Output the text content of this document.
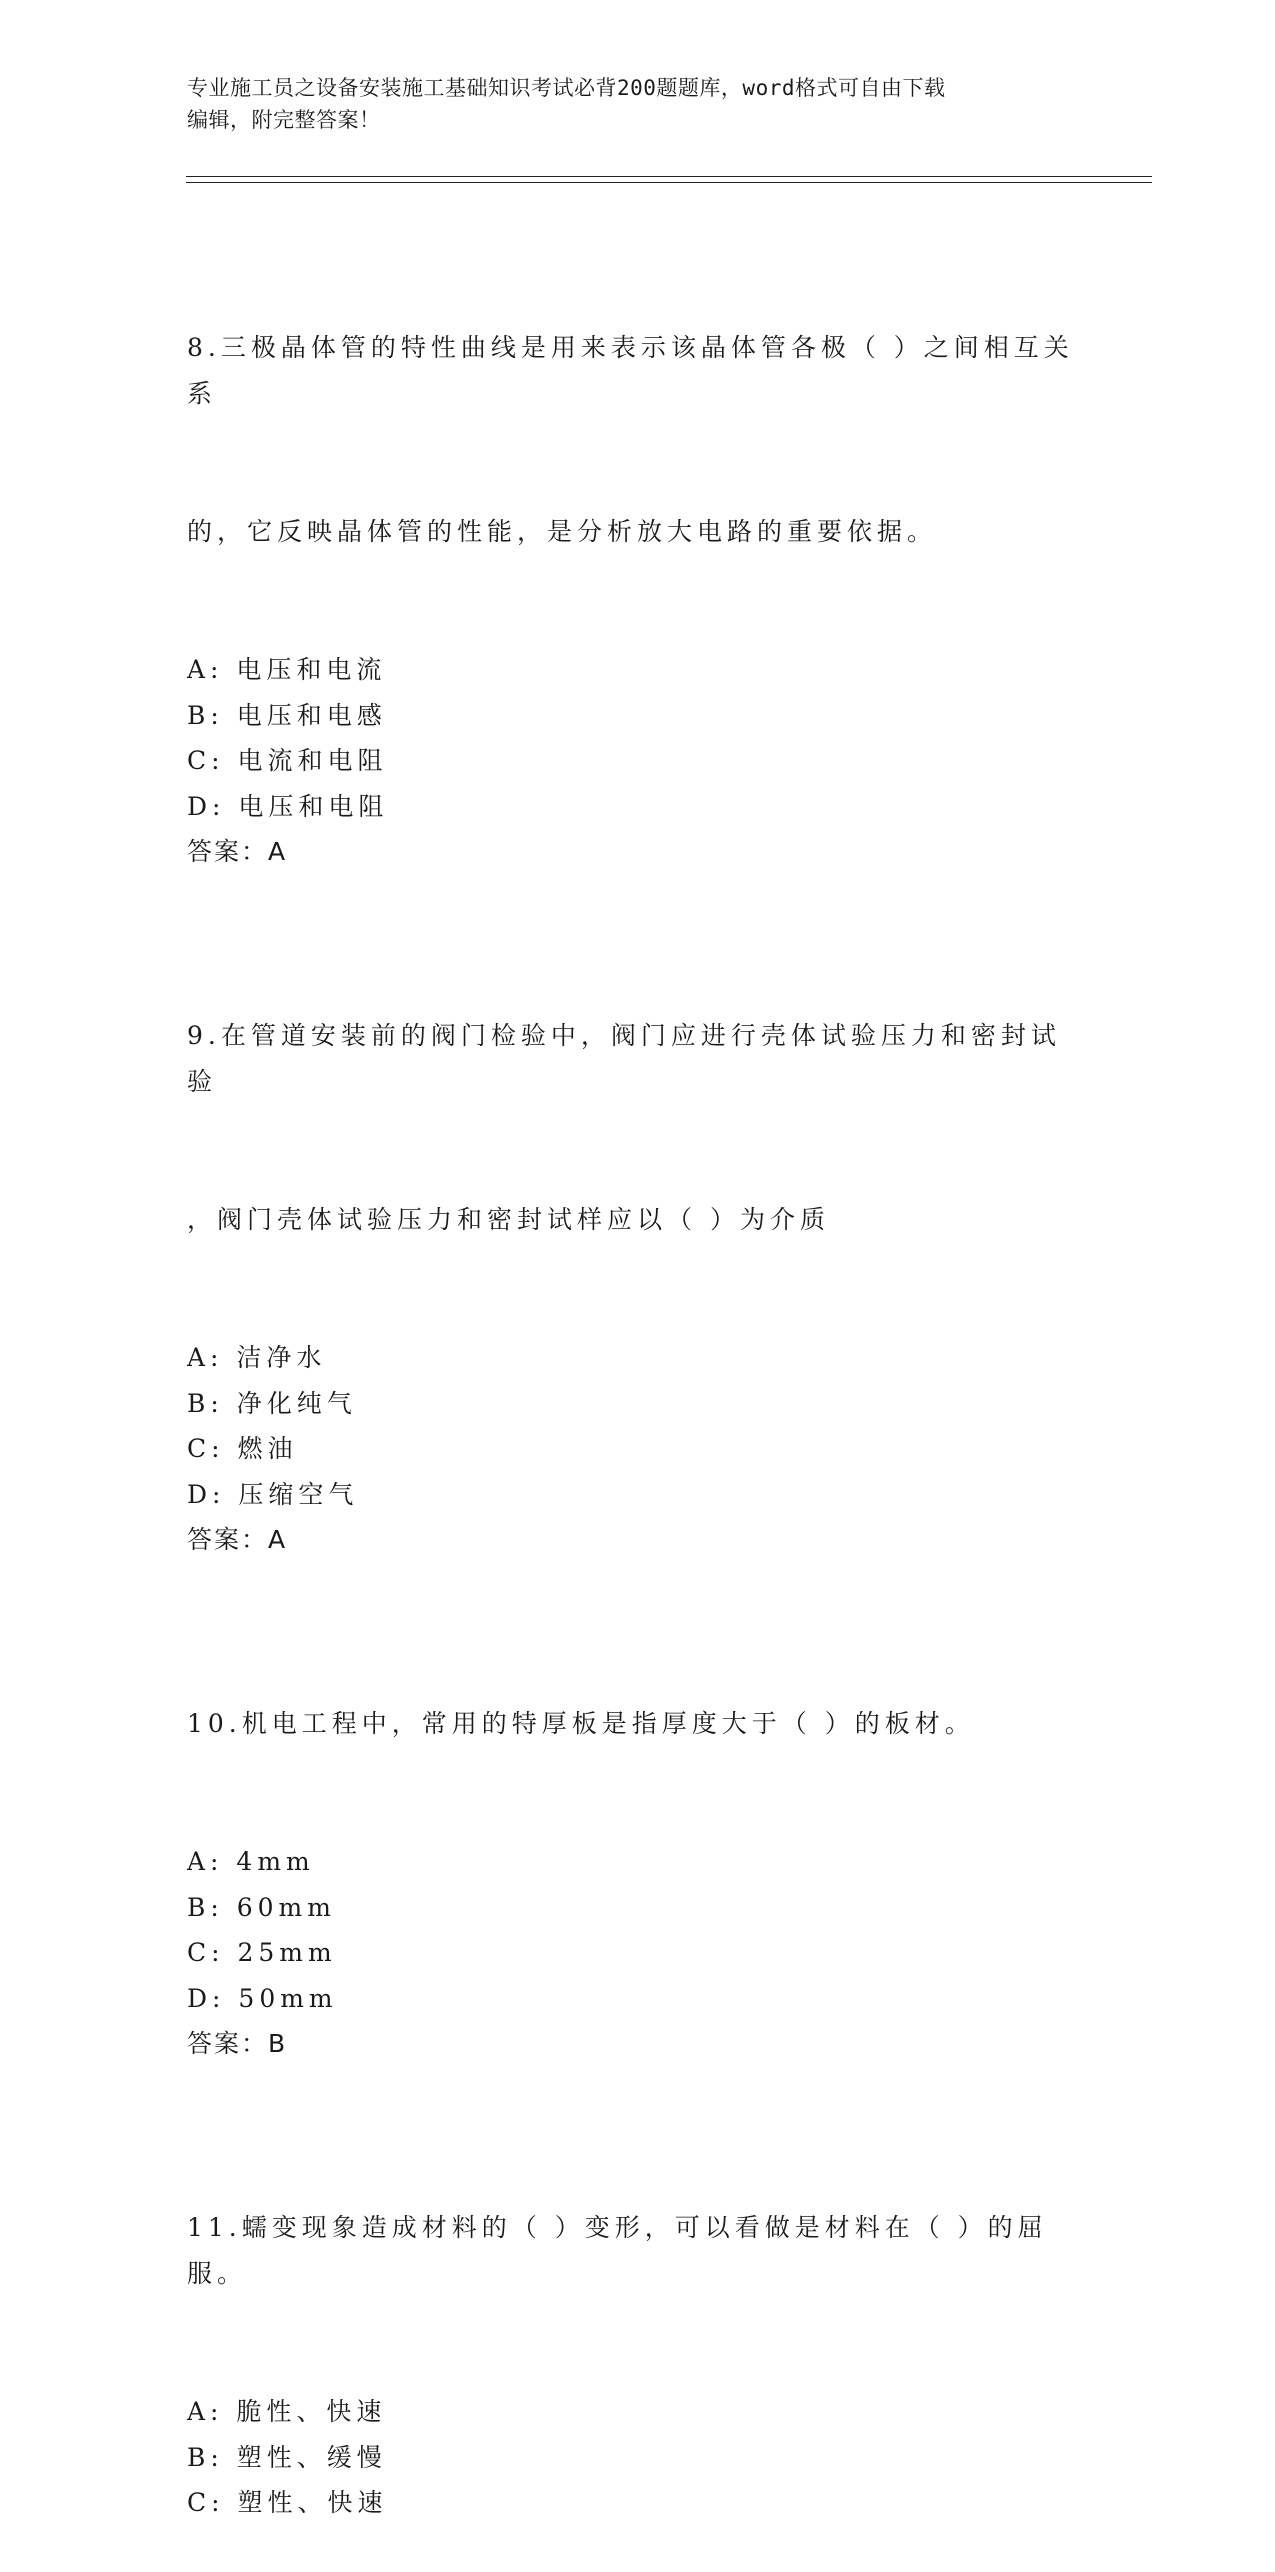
专业施工员之设备安装施工基础知识考试必背200题题库，word格式可自由下载
编辑，附完整答案！

8.三极晶体管的特性曲线是用来表示该晶体管各极（ ）之间相互关系

的，它反映晶体管的性能，是分析放大电路的重要依据。

A: 电压和电流
B: 电压和电感
C: 电流和电阻
D: 电压和电阻
答案：A

9.在管道安装前的阀门检验中，阀门应进行壳体试验压力和密封试验

，阀门壳体试验压力和密封试样应以（ ）为介质

A: 洁净水
B: 净化纯气
C: 燃油
D: 压缩空气
答案：A

10.机电工程中，常用的特厚板是指厚度大于（ ）的板材。

A: 4mm
B: 60mm
C: 25mm
D: 50mm
答案：B

11.蠕变现象造成材料的（ ）变形，可以看做是材料在（ ）的屈服。

A: 脆性、快速
B: 塑性、缓慢
C: 塑性、快速
